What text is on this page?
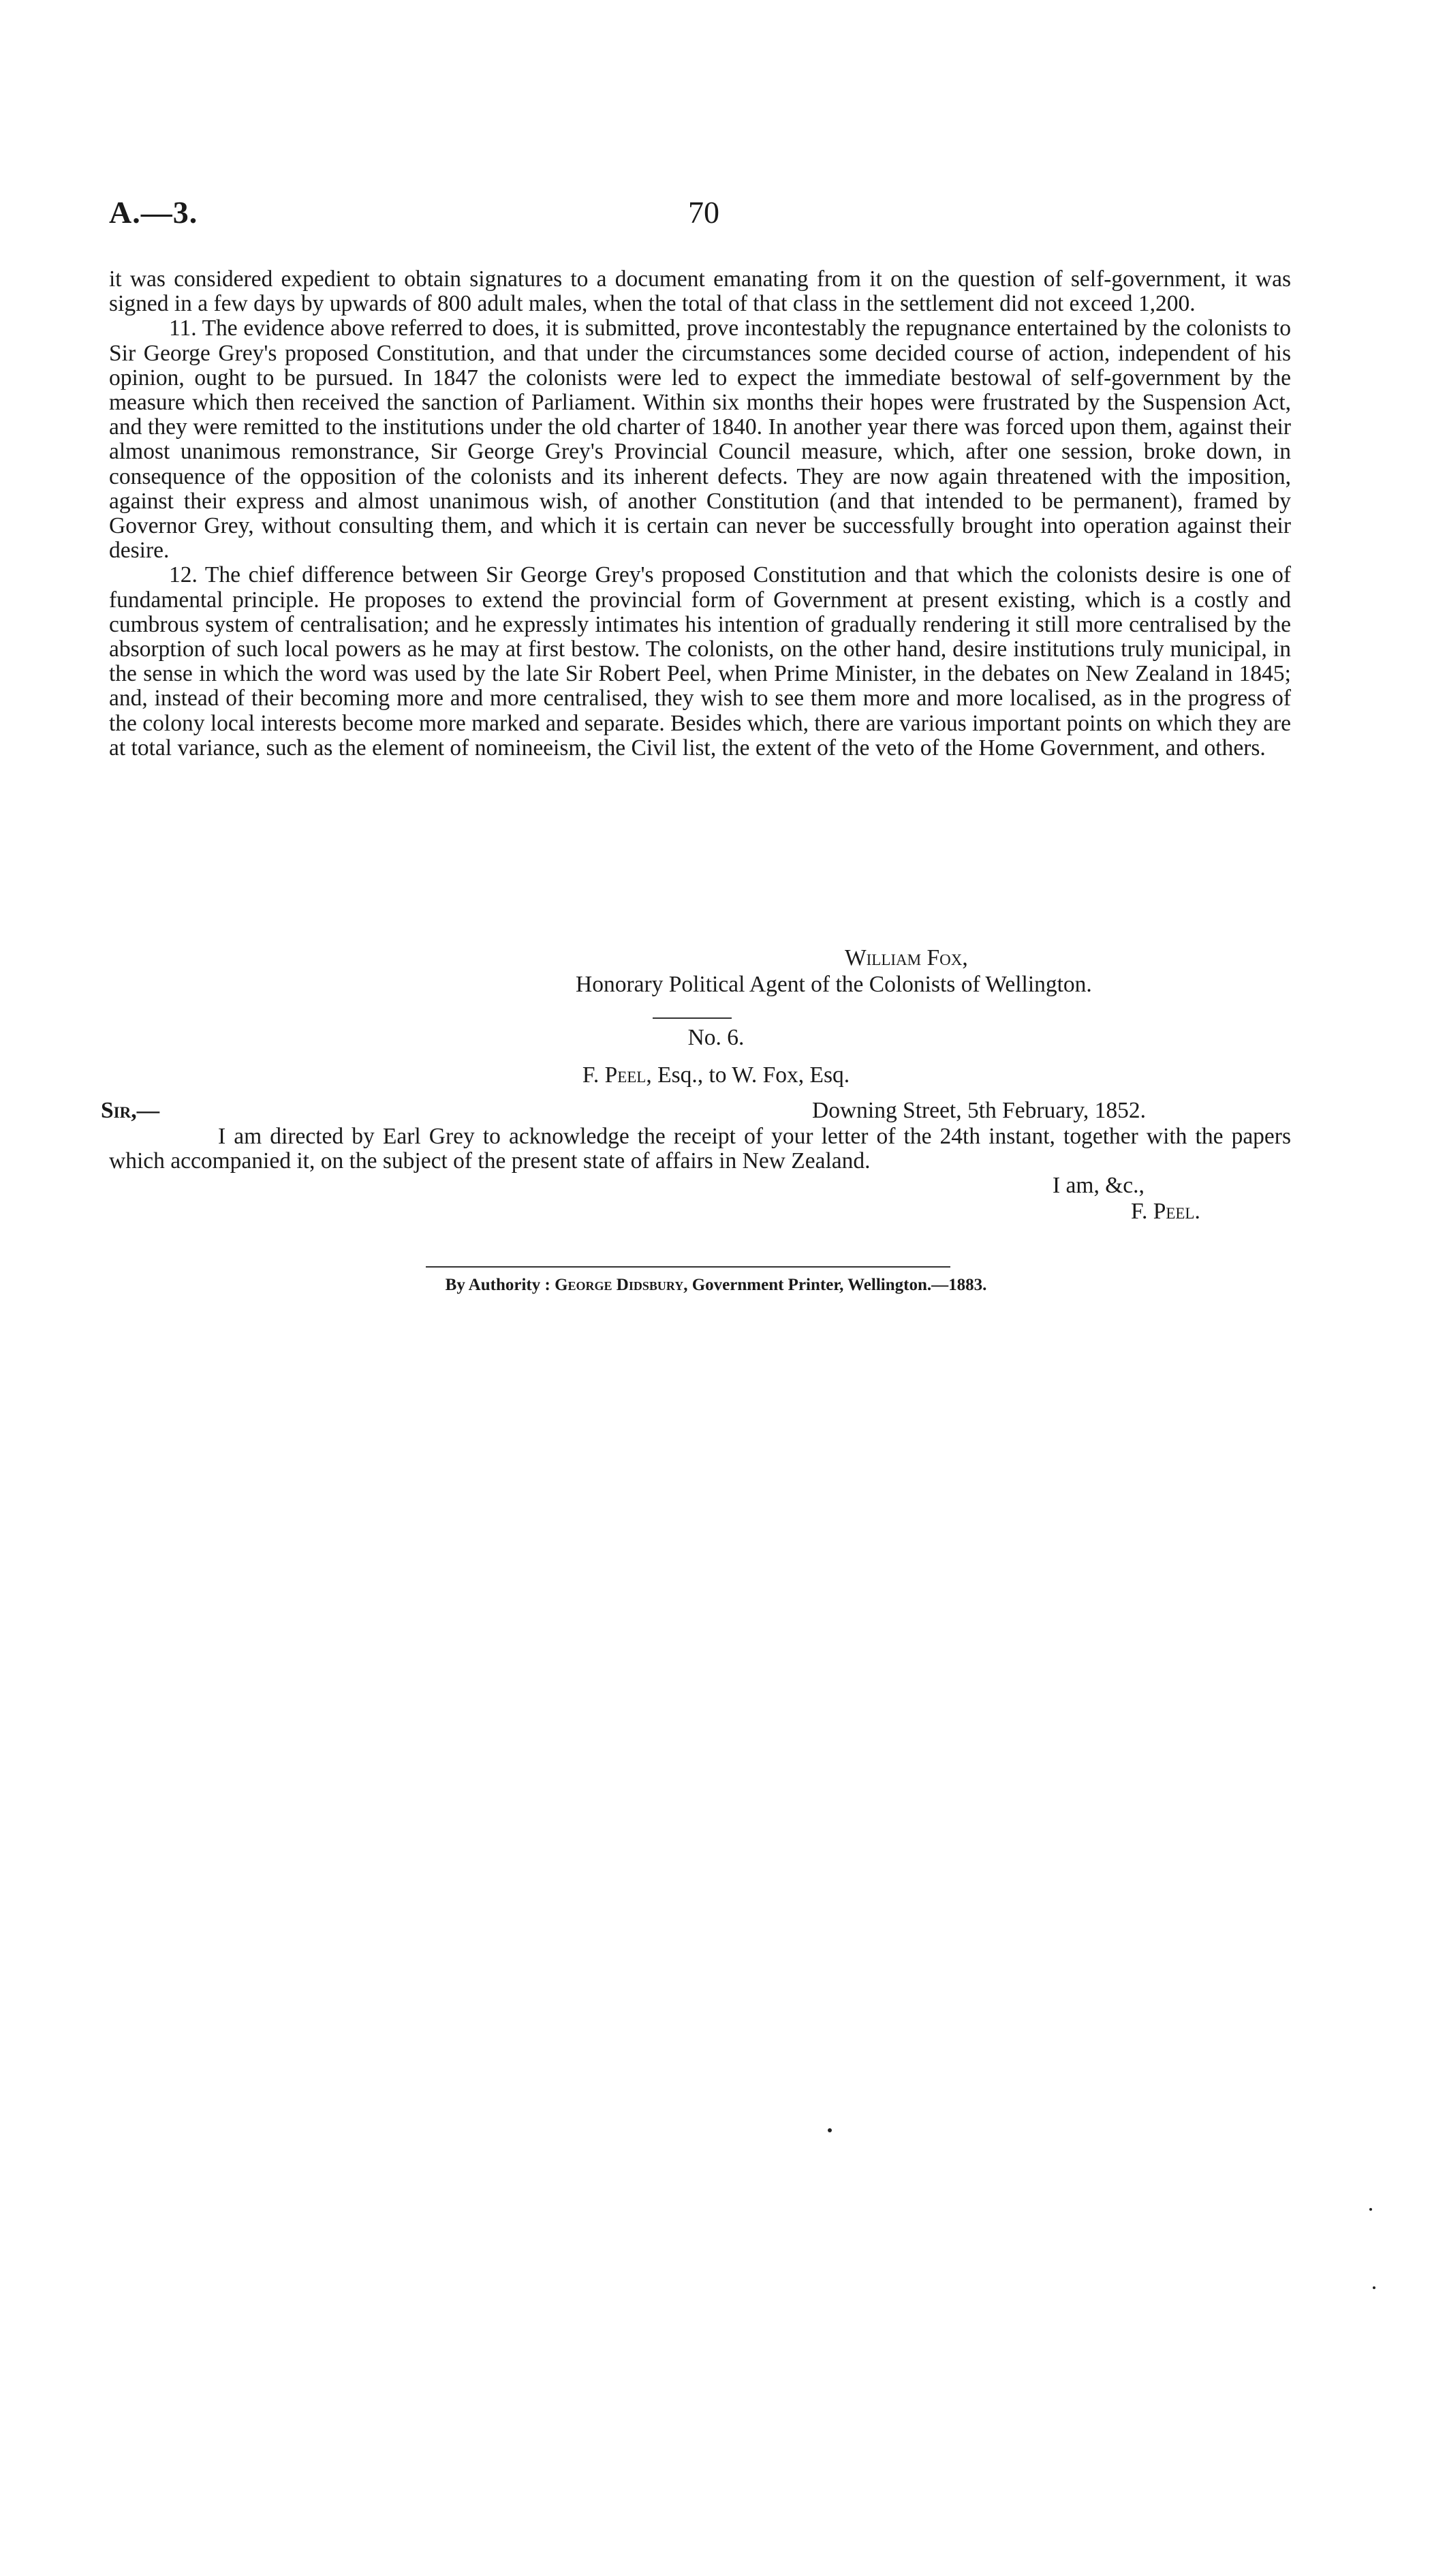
A.—3.	70

it was considered expedient to obtain signatures to a document emanating from it on the question of self-government, it was signed in a few days by upwards of 800 adult males, when the total of that class in the settlement did not exceed 1,200.

11. The evidence above referred to does, it is submitted, prove incontestably the repugnance entertained by the colonists to Sir George Grey's proposed Constitution, and that under the circumstances some decided course of action, independent of his opinion, ought to be pursued. In 1847 the colonists were led to expect the immediate bestowal of self-government by the measure which then received the sanction of Parliament. Within six months their hopes were frustrated by the Suspension Act, and they were remitted to the institutions under the old charter of 1840. In another year there was forced upon them, against their almost unanimous remonstrance, Sir George Grey's Provincial Council measure, which, after one session, broke down, in consequence of the opposition of the colonists and its inherent defects. They are now again threatened with the imposition, against their express and almost unanimous wish, of another Constitution (and that intended to be permanent), framed by Governor Grey, without consulting them, and which it is certain can never be successfully brought into operation against their desire.

12. The chief difference between Sir George Grey's proposed Constitution and that which the colonists desire is one of fundamental principle. He proposes to extend the provincial form of Government at present existing, which is a costly and cumbrous system of centralisation; and he expressly intimates his intention of gradually rendering it still more centralised by the absorption of such local powers as he may at first bestow. The colonists, on the other hand, desire institutions truly municipal, in the sense in which the word was used by the late Sir Robert Peel, when Prime Minister, in the debates on New Zealand in 1845; and, instead of their becoming more and more centralised, they wish to see them more and more localised, as in the progress of the colony local interests become more marked and separate. Besides which, there are various important points on which they are at total variance, such as the element of nomineeism, the Civil list, the extent of the veto of the Home Government, and others.

William Fox,
Honorary Political Agent of the Colonists of Wellington.
No. 6.
F. Peel, Esq., to W. Fox, Esq.
Sir,—	Downing Street, 5th February, 1852.

I am directed by Earl Grey to acknowledge the receipt of your letter of the 24th instant, together with the papers which accompanied it, on the subject of the present state of affairs in New Zealand.

I am, &c.,
F. Peel.
By Authority : George Didsbury, Government Printer, Wellington.—1883.
